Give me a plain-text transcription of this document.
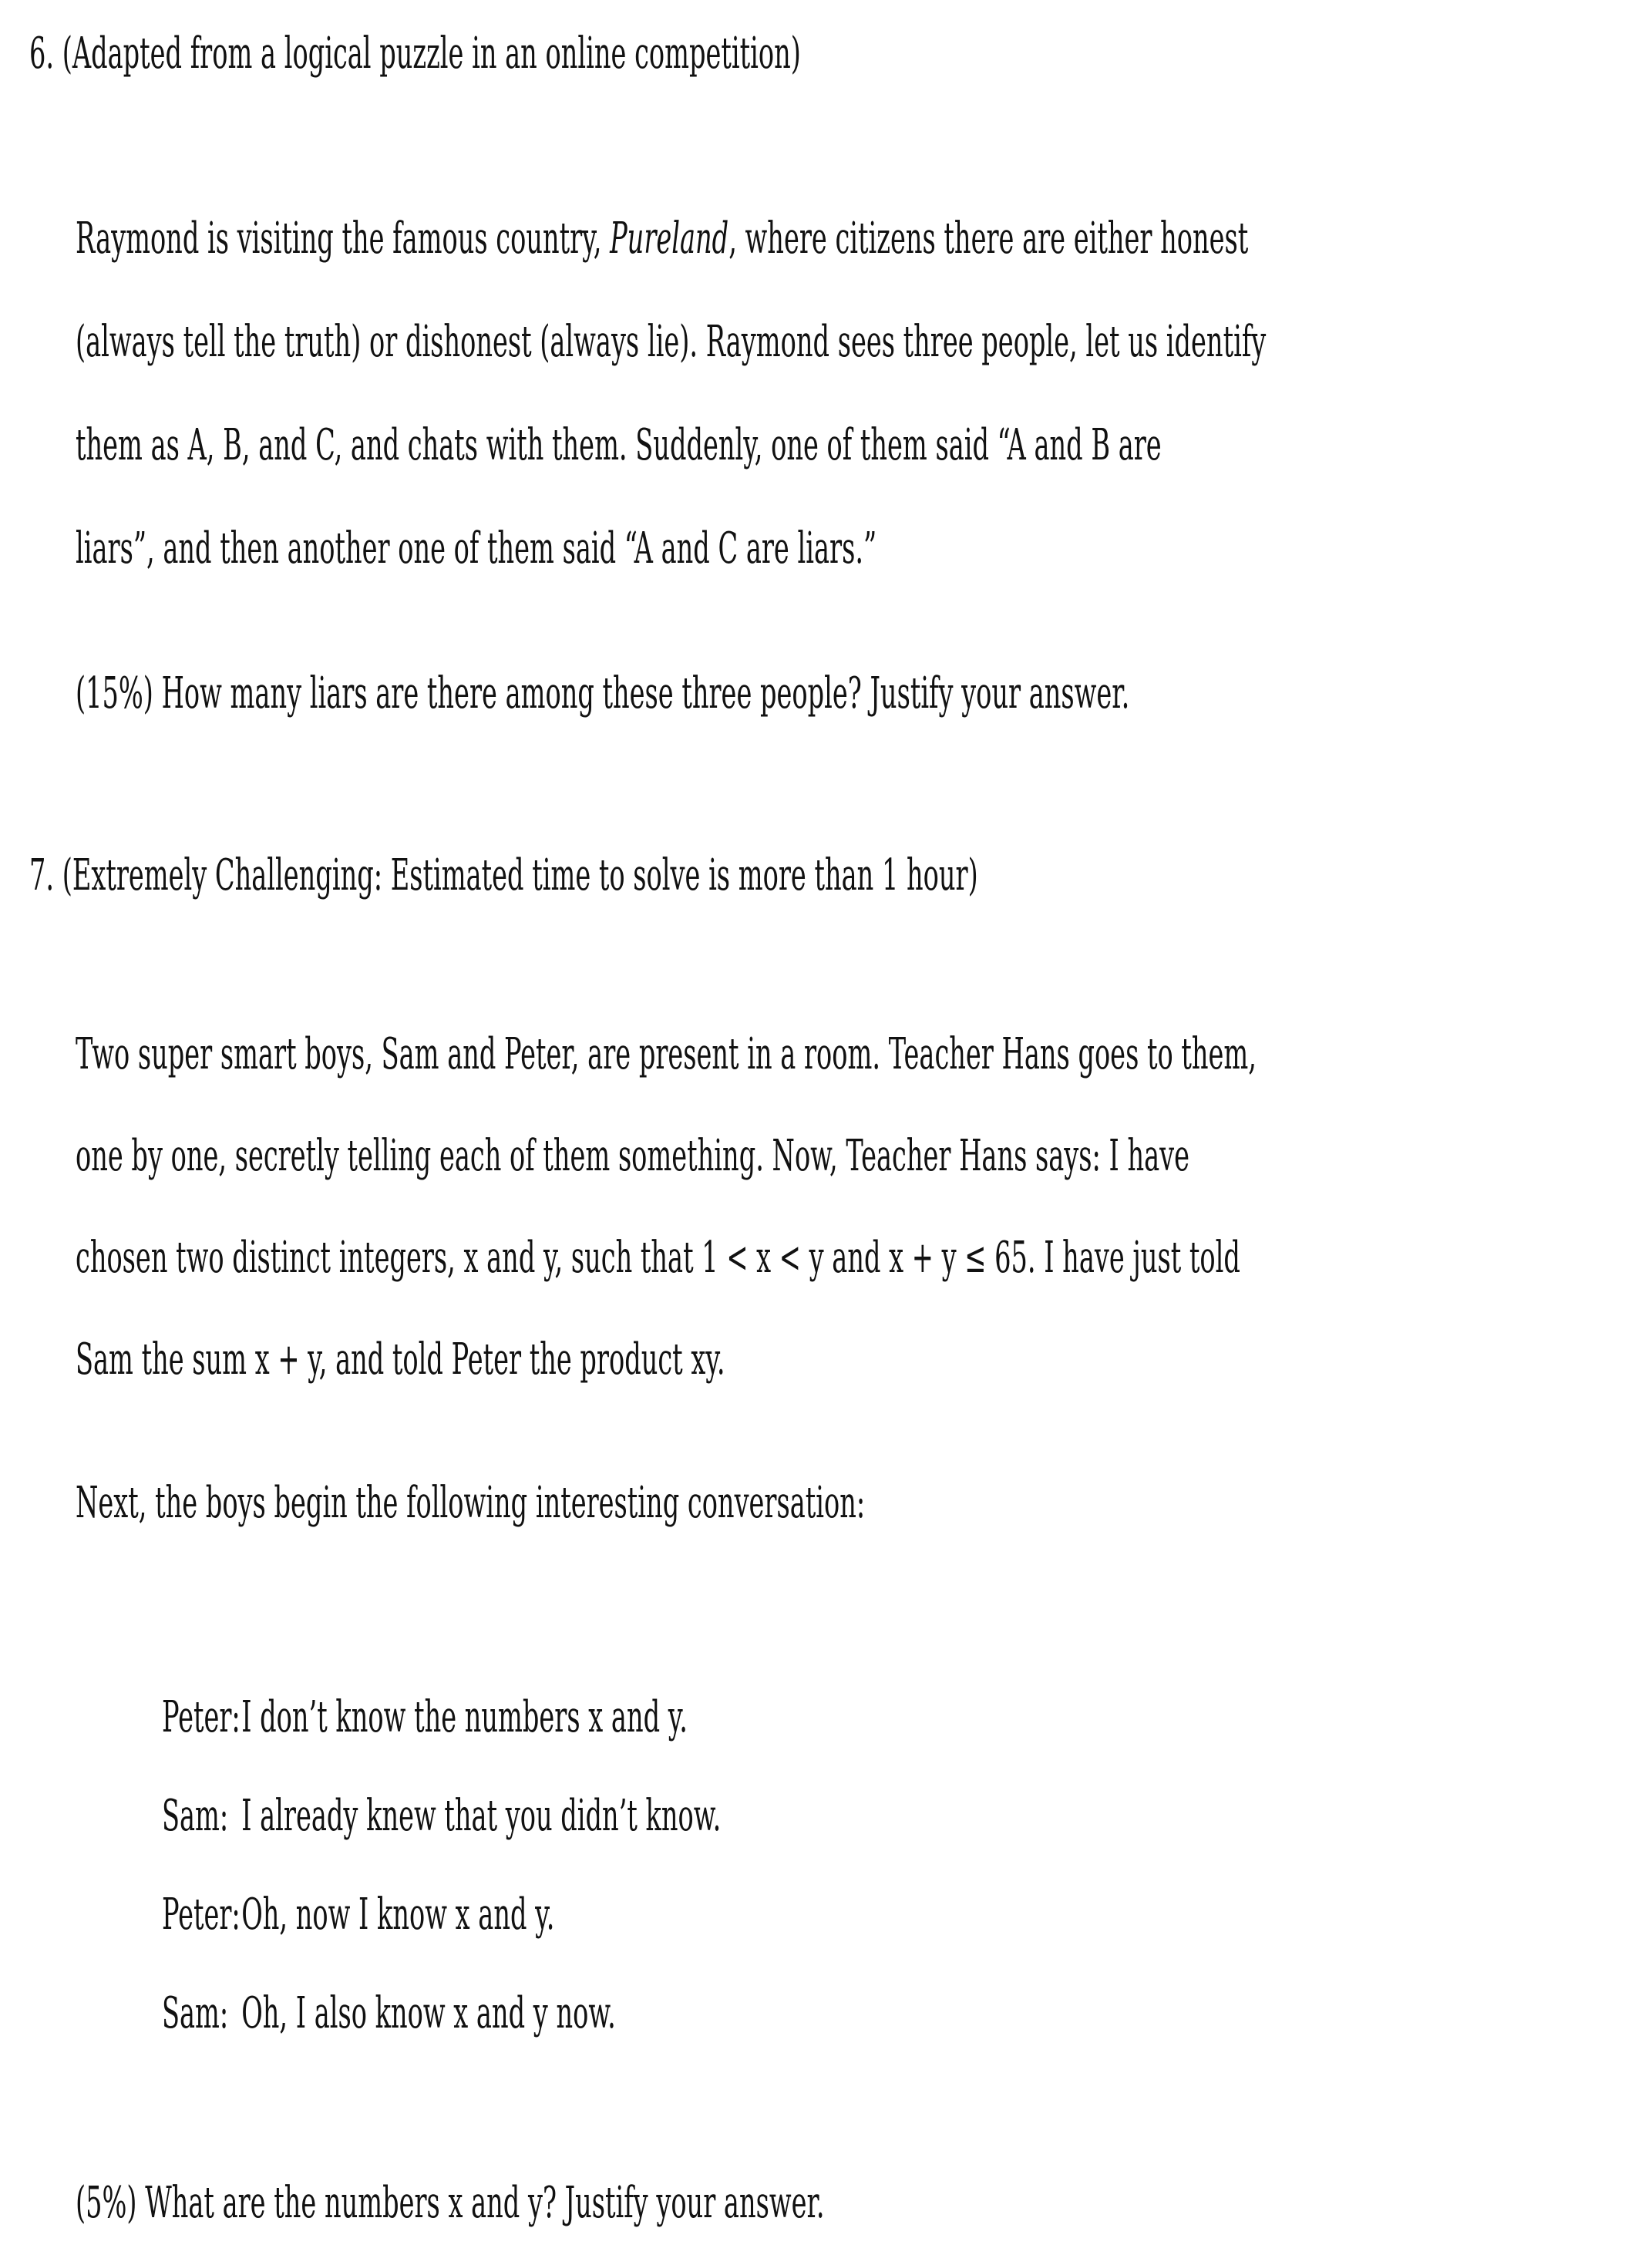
6. (Adapted from a logical puzzle in an online competition)
Raymond is visiting the famous country, Pureland, where citizens there are either honest
(always tell the truth) or dishonest (always lie). Raymond sees three people, let us identify
them as A, B, and C, and chats with them. Suddenly, one of them said “A and B are
liars”, and then another one of them said “A and C are liars.”
(15%) How many liars are there among these three people? Justify your answer.
7. (Extremely Challenging: Estimated time to solve is more than 1 hour)
Two super smart boys, Sam and Peter, are present in a room. Teacher Hans goes to them,
one by one, secretly telling each of them something. Now, Teacher Hans says: I have
chosen two distinct integers, x and y, such that 1 < x < y and x + y ≤ 65. I have just told
Sam the sum x + y, and told Peter the product xy.
Next, the boys begin the following interesting conversation:
Peter:I don’t know the numbers x and y.
Sam: I already knew that you didn’t know.
Peter:Oh, now I know x and y.
Sam: Oh, I also know x and y now.
(5%) What are the numbers x and y? Justify your answer.
